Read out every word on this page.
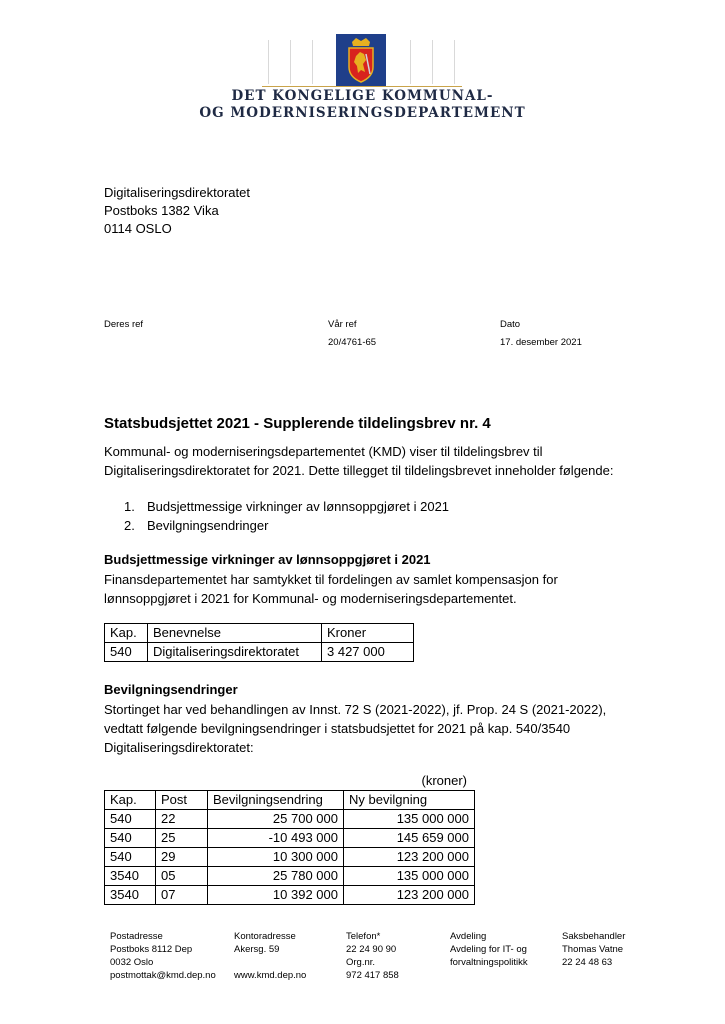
DET KONGELIGE KOMMUNAL-
OG MODERNISERINGSDEPARTEMENT
Digitaliseringsdirektoratet
Postboks 1382 Vika
0114 OSLO
Deres ref	Vår ref
20/4761-65
Dato
17. desember 2021
Statsbudsjettet 2021 - Supplerende tildelingsbrev nr. 4
Kommunal- og moderniseringsdepartementet (KMD) viser til tildelingsbrev til
Digitaliseringsdirektoratet for 2021. Dette tillegget til tildelingsbrevet inneholder følgende:
1. Budsjettmessige virkninger av lønnsoppgjøret i 2021
2. Bevilgningsendringer
Budsjettmessige virkninger av lønnsoppgjøret i 2021
Finansdepartementet har samtykket til fordelingen av samlet kompensasjon for
lønnsoppgjøret i 2021 for Kommunal- og moderniseringsdepartementet.
Kap.	Benevnelse	Kroner
540	Digitaliseringsdirektoratet	3 427 000
Bevilgningsendringer
Stortinget har ved behandlingen av Innst. 72 S (2021-2022), jf. Prop. 24 S (2021-2022),
vedtatt følgende bevilgningsendringer i statsbudsjettet for 2021 på kap. 540/3540
Digitaliseringsdirektoratet:
(kroner)
Kap.	Post	Bevilgningsendring	Ny bevilgning
540	22	25 700 000	135 000 000
540	25	-10 493 000	145 659 000
540	29	10 300 000	123 200 000
3540	05	25 780 000	135 000 000
3540	07	10 392 000	123 200 000
Postadresse
Postboks 8112 Dep
0032 Oslo
postmottak@kmd.dep.no
Kontoradresse
Akersg. 59
www.kmd.dep.no
Telefon*
22 24 90 90
Org.nr.
972 417 858
Avdeling
Avdeling for IT- og
forvaltningspolitikk
Saksbehandler
Thomas Vatne
22 24 48 63
